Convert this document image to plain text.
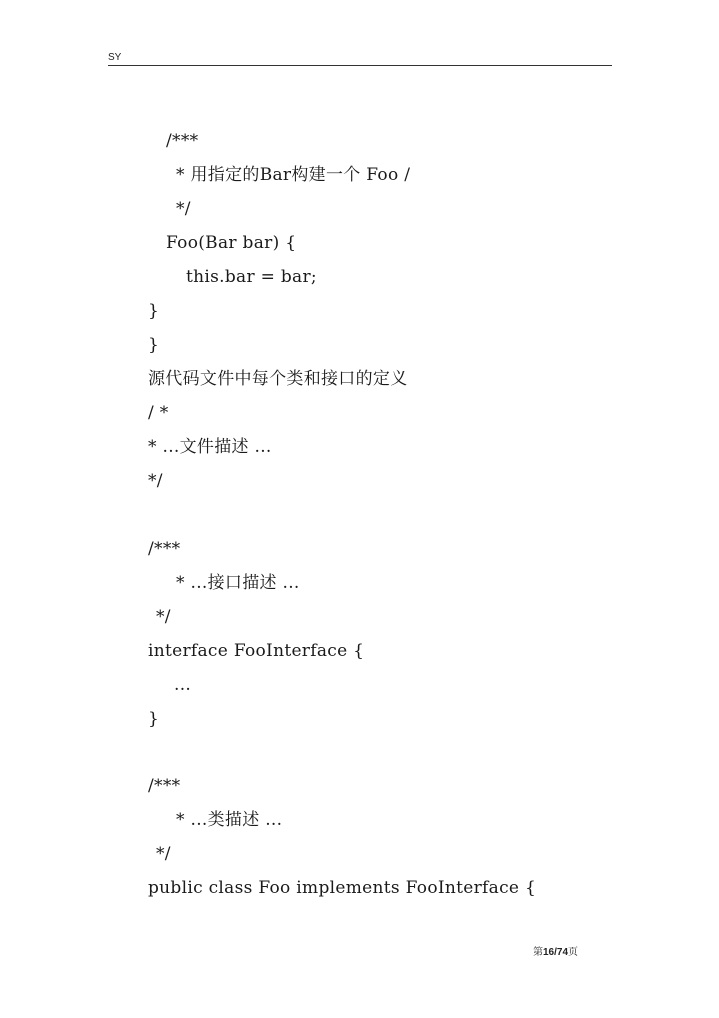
SY
/***
* 用指定的Bar构建一个 Foo /
*/
Foo(Bar bar) {
this.bar = bar;
}
}
源代码文件中每个类和接口的定义
/ *
* ...文件描述 ...
*/
/***
* ...接口描述 ...
*/
interface FooInterface {
...
}
/***
* ...类描述 ...
*/
public class Foo implements FooInterface {
第16/74页
